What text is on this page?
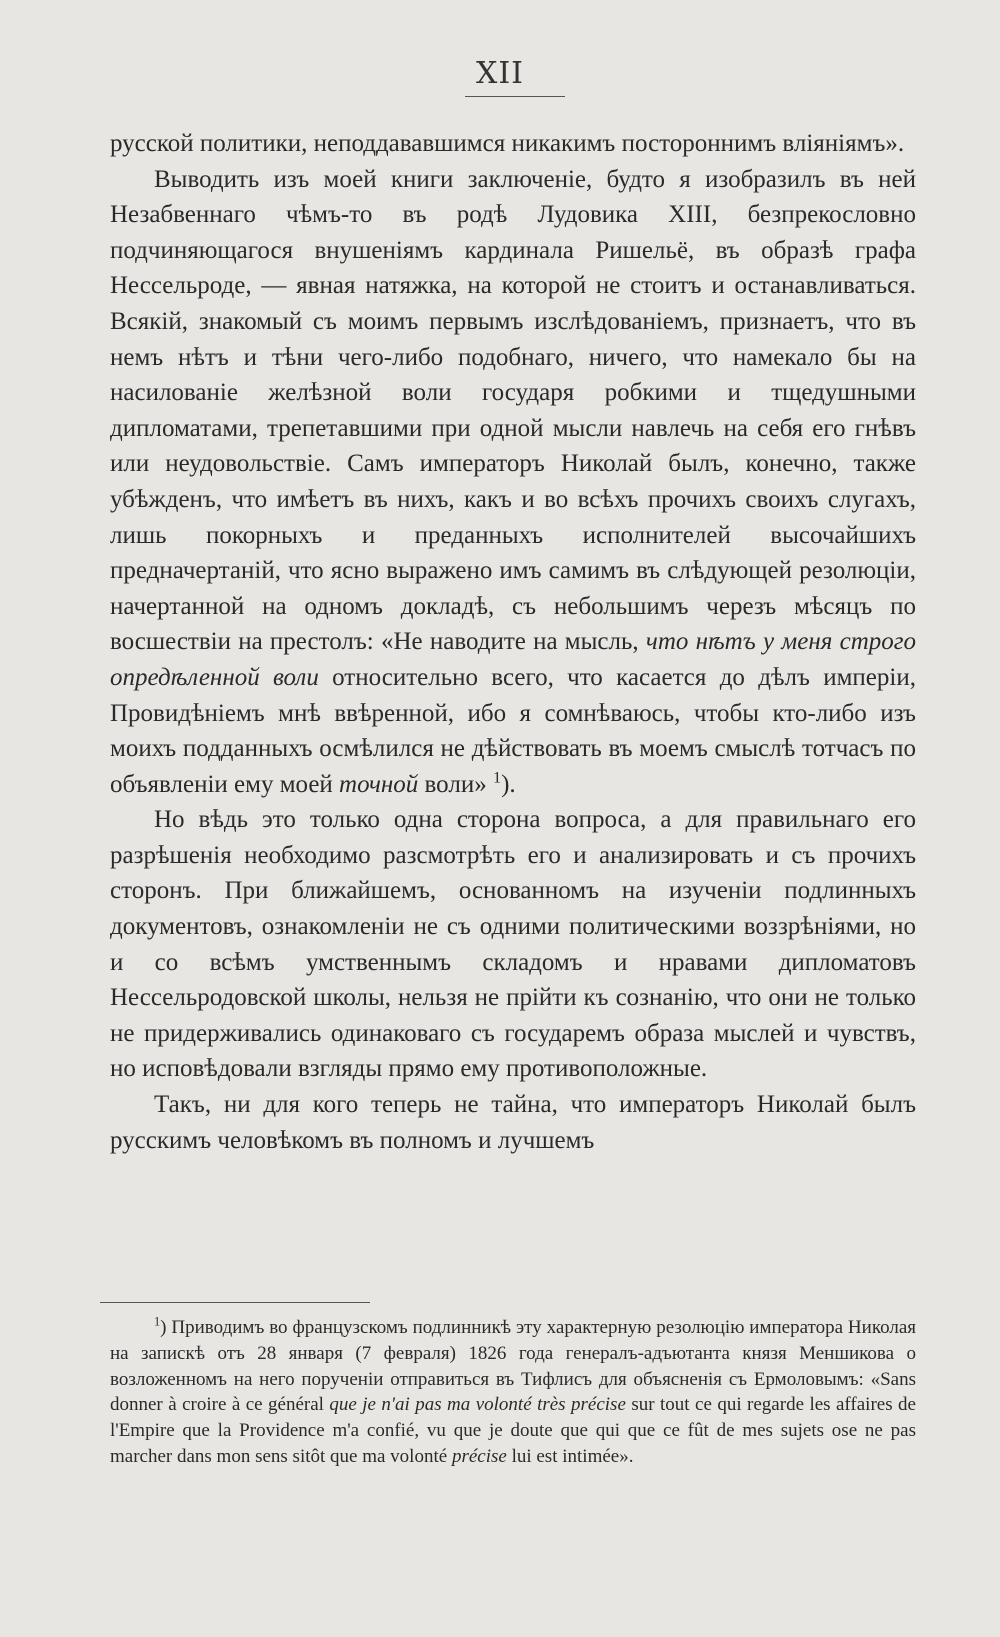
XII

русской политики, неподдававшимся никакимъ постороннимъ вліяніямъ».

Выводить изъ моей книги заключеніе, будто я изобразилъ въ ней Незабвеннаго чѣмъ-то въ родѣ Лудовика XIII, безпрекословно подчиняющагося внушеніямъ кардинала Ришельё, въ образѣ графа Нессельроде, — явная натяжка, на которой не стоитъ и останавливаться. Всякій, знакомый съ моимъ первымъ изслѣдованіемъ, признаетъ, что въ немъ нѣтъ и тѣни чего-либо подобнаго, ничего, что намекало бы на насилованіе желѣзной воли государя робкими и тщедушными дипломатами, трепетавшими при одной мысли навлечь на себя его гнѣвъ или неудовольствіе. Самъ императоръ Николай былъ, конечно, также убѣжденъ, что имѣетъ въ нихъ, какъ и во всѣхъ прочихъ своихъ слугахъ, лишь покорныхъ и преданныхъ исполнителей высочайшихъ предначертаній, что ясно выражено имъ самимъ въ слѣдующей резолюціи, начертанной на одномъ докладѣ, съ небольшимъ черезъ мѣсяцъ по восшествіи на престолъ: «Не наводите на мысль, что нѣтъ у меня строго опредѣленной воли относительно всего, что касается до дѣлъ имперіи, Провидѣніемъ мнѣ ввѣренной, ибо я сомнѣваюсь, чтобы кто-либо изъ моихъ подданныхъ осмѣлился не дѣйствовать въ моемъ смыслѣ тотчасъ по объявленіи ему моей точной воли» $^1$).

Но вѣдь это только одна сторона вопроса, а для правильнаго его разрѣшенія необходимо разсмотрѣть его и анализировать и съ прочихъ сторонъ. При ближайшемъ, основанномъ на изученіи подлинныхъ документовъ, ознакомленіи не съ одними политическими воззрѣніями, но и со всѣмъ умственнымъ складомъ и нравами дипломатовъ Нессельродовской школы, нельзя не прійти къ сознанію, что они не только не придерживались одинаковаго съ государемъ образа мыслей и чувствъ, но исповѣдовали взгляды прямо ему противоположные.

Такъ, ни для кого теперь не тайна, что императоръ Николай былъ русскимъ человѣкомъ въ полномъ и лучшемъ

$^1$) Приводимъ во французскомъ подлинникѣ эту характерную резолюцію императора Николая на запискѣ отъ 28 января (7 февраля) 1826 года генералъ-адъютанта князя Меншикова о возложенномъ на него порученіи отправиться въ Тифлисъ для объясненія съ Ермоловымъ: «Sans donner à croire à ce général que je n'ai pas ma volonté très précise sur tout ce qui regarde les affaires de l'Empire que la Providence m'a confié, vu que je doute que qui que ce fût de mes sujets ose ne pas marcher dans mon sens sitôt que ma volonté précise lui est intimée».
